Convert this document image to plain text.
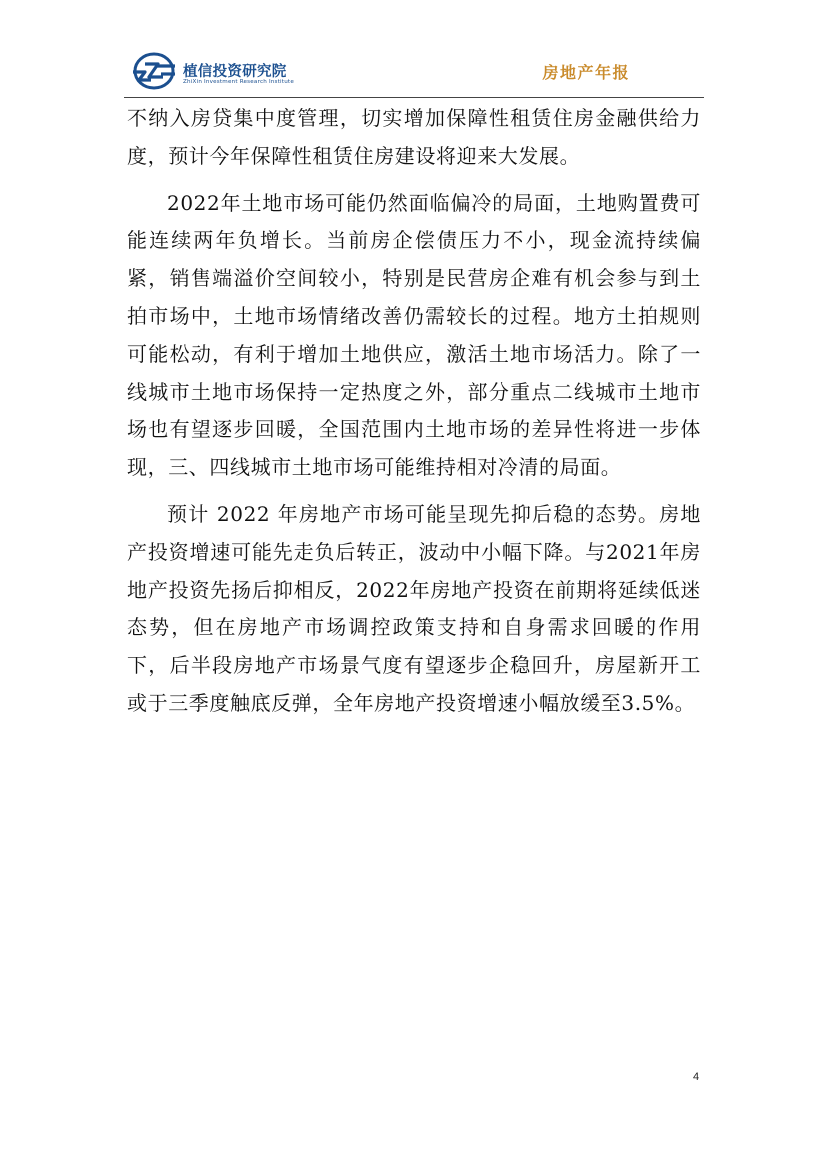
植信投资研究院
ZhiXin Investment Research Institute	房地产年报

不纳入房贷集中度管理，切实增加保障性租赁住房金融供给力度，预计今年保障性租赁住房建设将迎来大发展。

2022年土地市场可能仍然面临偏冷的局面，土地购置费可能连续两年负增长。当前房企偿债压力不小，现金流持续偏紧，销售端溢价空间较小，特别是民营房企难有机会参与到土拍市场中，土地市场情绪改善仍需较长的过程。地方土拍规则可能松动，有利于增加土地供应，激活土地市场活力。除了一线城市土地市场保持一定热度之外，部分重点二线城市土地市场也有望逐步回暖，全国范围内土地市场的差异性将进一步体现，三、四线城市土地市场可能维持相对冷清的局面。

预计 2022 年房地产市场可能呈现先抑后稳的态势。房地产投资增速可能先走负后转正，波动中小幅下降。与2021年房地产投资先扬后抑相反，2022年房地产投资在前期将延续低迷态势，但在房地产市场调控政策支持和自身需求回暖的作用下，后半段房地产市场景气度有望逐步企稳回升，房屋新开工或于三季度触底反弹，全年房地产投资增速小幅放缓至3.5%。

4
